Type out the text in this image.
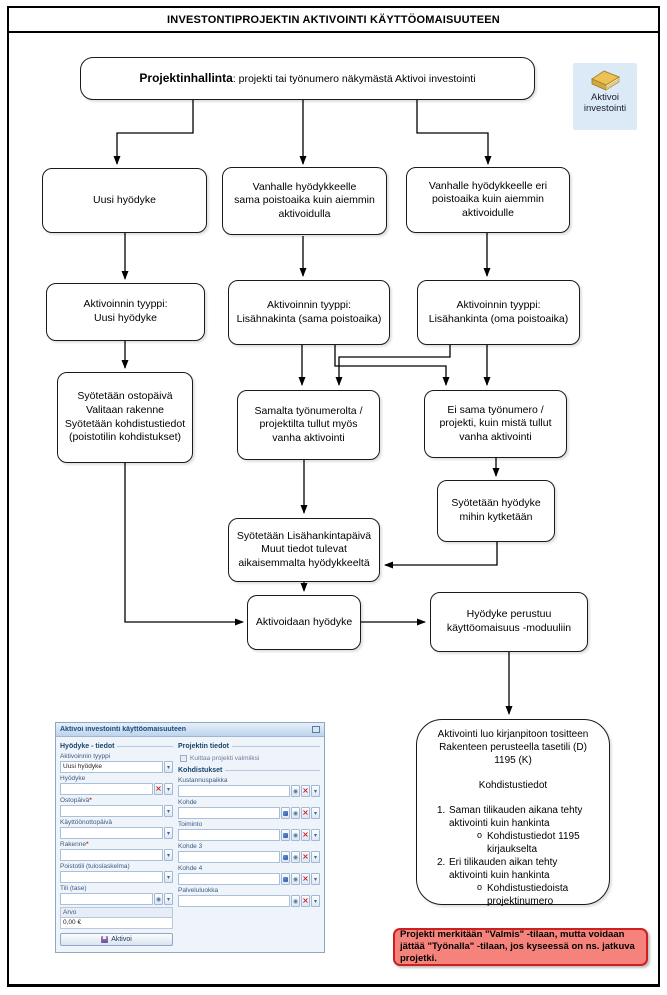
INVESTONTIPROJEKTIN AKTIVOINTI KÄYTTÖOMAISUUTEEN
Projektinhallinta: projekti tai työnumero näkymästä Aktivoi investointi
Aktivoi
investointi
Uusi hyödyke
Vanhalle hyödykkeelle
sama poistoaika kuin aiemmin
aktivoidulla
Vanhalle hyödykkeelle eri
poistoaika kuin aiemmin
aktivoidulle
Aktivoinnin tyyppi:
Uusi hyödyke
Aktivoinnin tyyppi:
Lisähnakinta (sama poistoaika)
Aktivoinnin tyyppi:
Lisähankinta (oma poistoaika)
Syötetään ostopäivä
Valitaan rakenne
Syötetään kohdistustiedot
(poistotilin kohdistukset)
Samalta työnumerolta /
projektilta tullut myös
vanha aktivointi
Ei sama työnumero /
projekti, kuin mistä tullut
vanha aktivointi
Syötetään hyödyke
mihin kytketään
Syötetään Lisähankintapäivä
Muut tiedot tulevat
aikaisemmalta hyödykkeeltä
Aktivoidaan hyödyke
Hyödyke perustuu
käyttöomaisuus -moduuliin
Aktivointi luo kirjanpitoon tositteen
Rakenteen perusteella tasetili (D)
1195 (K)
Kohdistustiedot
1. Saman tilikauden aikana tehty
aktivointi kuin hankinta
o Kohdistustiedot 1195
kirjaukselta
2. Eri tilikauden aikan tehty
aktivointi kuin hankinta
o Kohdistustiedoista
projektinumero
Projekti merkitään "Valmis" -tilaan, mutta voidaan jättää "Työnalla" -tilaan, jos kyseessä on ns. jatkuva projetki.
Aktivoi investointi käyttöomaisuuteen
Hyödyke - tiedot
Aktivoinnin tyyppi
Uusi hyödyke	▾
Hyödyke
× ▾
Ostopäivä*
▾
Käyttöönottopäivä
▾
Rakenne*
▾
Poistotili (tuloslaskelma)
▾
Tili (tase)
◉ ▾
Arvo
0,00 €
Aktivoi
Projektin tiedot
Kuittaa projekti valmiiksi
Kohdistukset
Kustannuspaikka
◉ × ▾
Kohde
◉ × ▾
Toiminto
◉ × ▾
Kohde 3
◉ × ▾
Kohde 4
◉ × ▾
Palveluluokka
◉ × ▾
